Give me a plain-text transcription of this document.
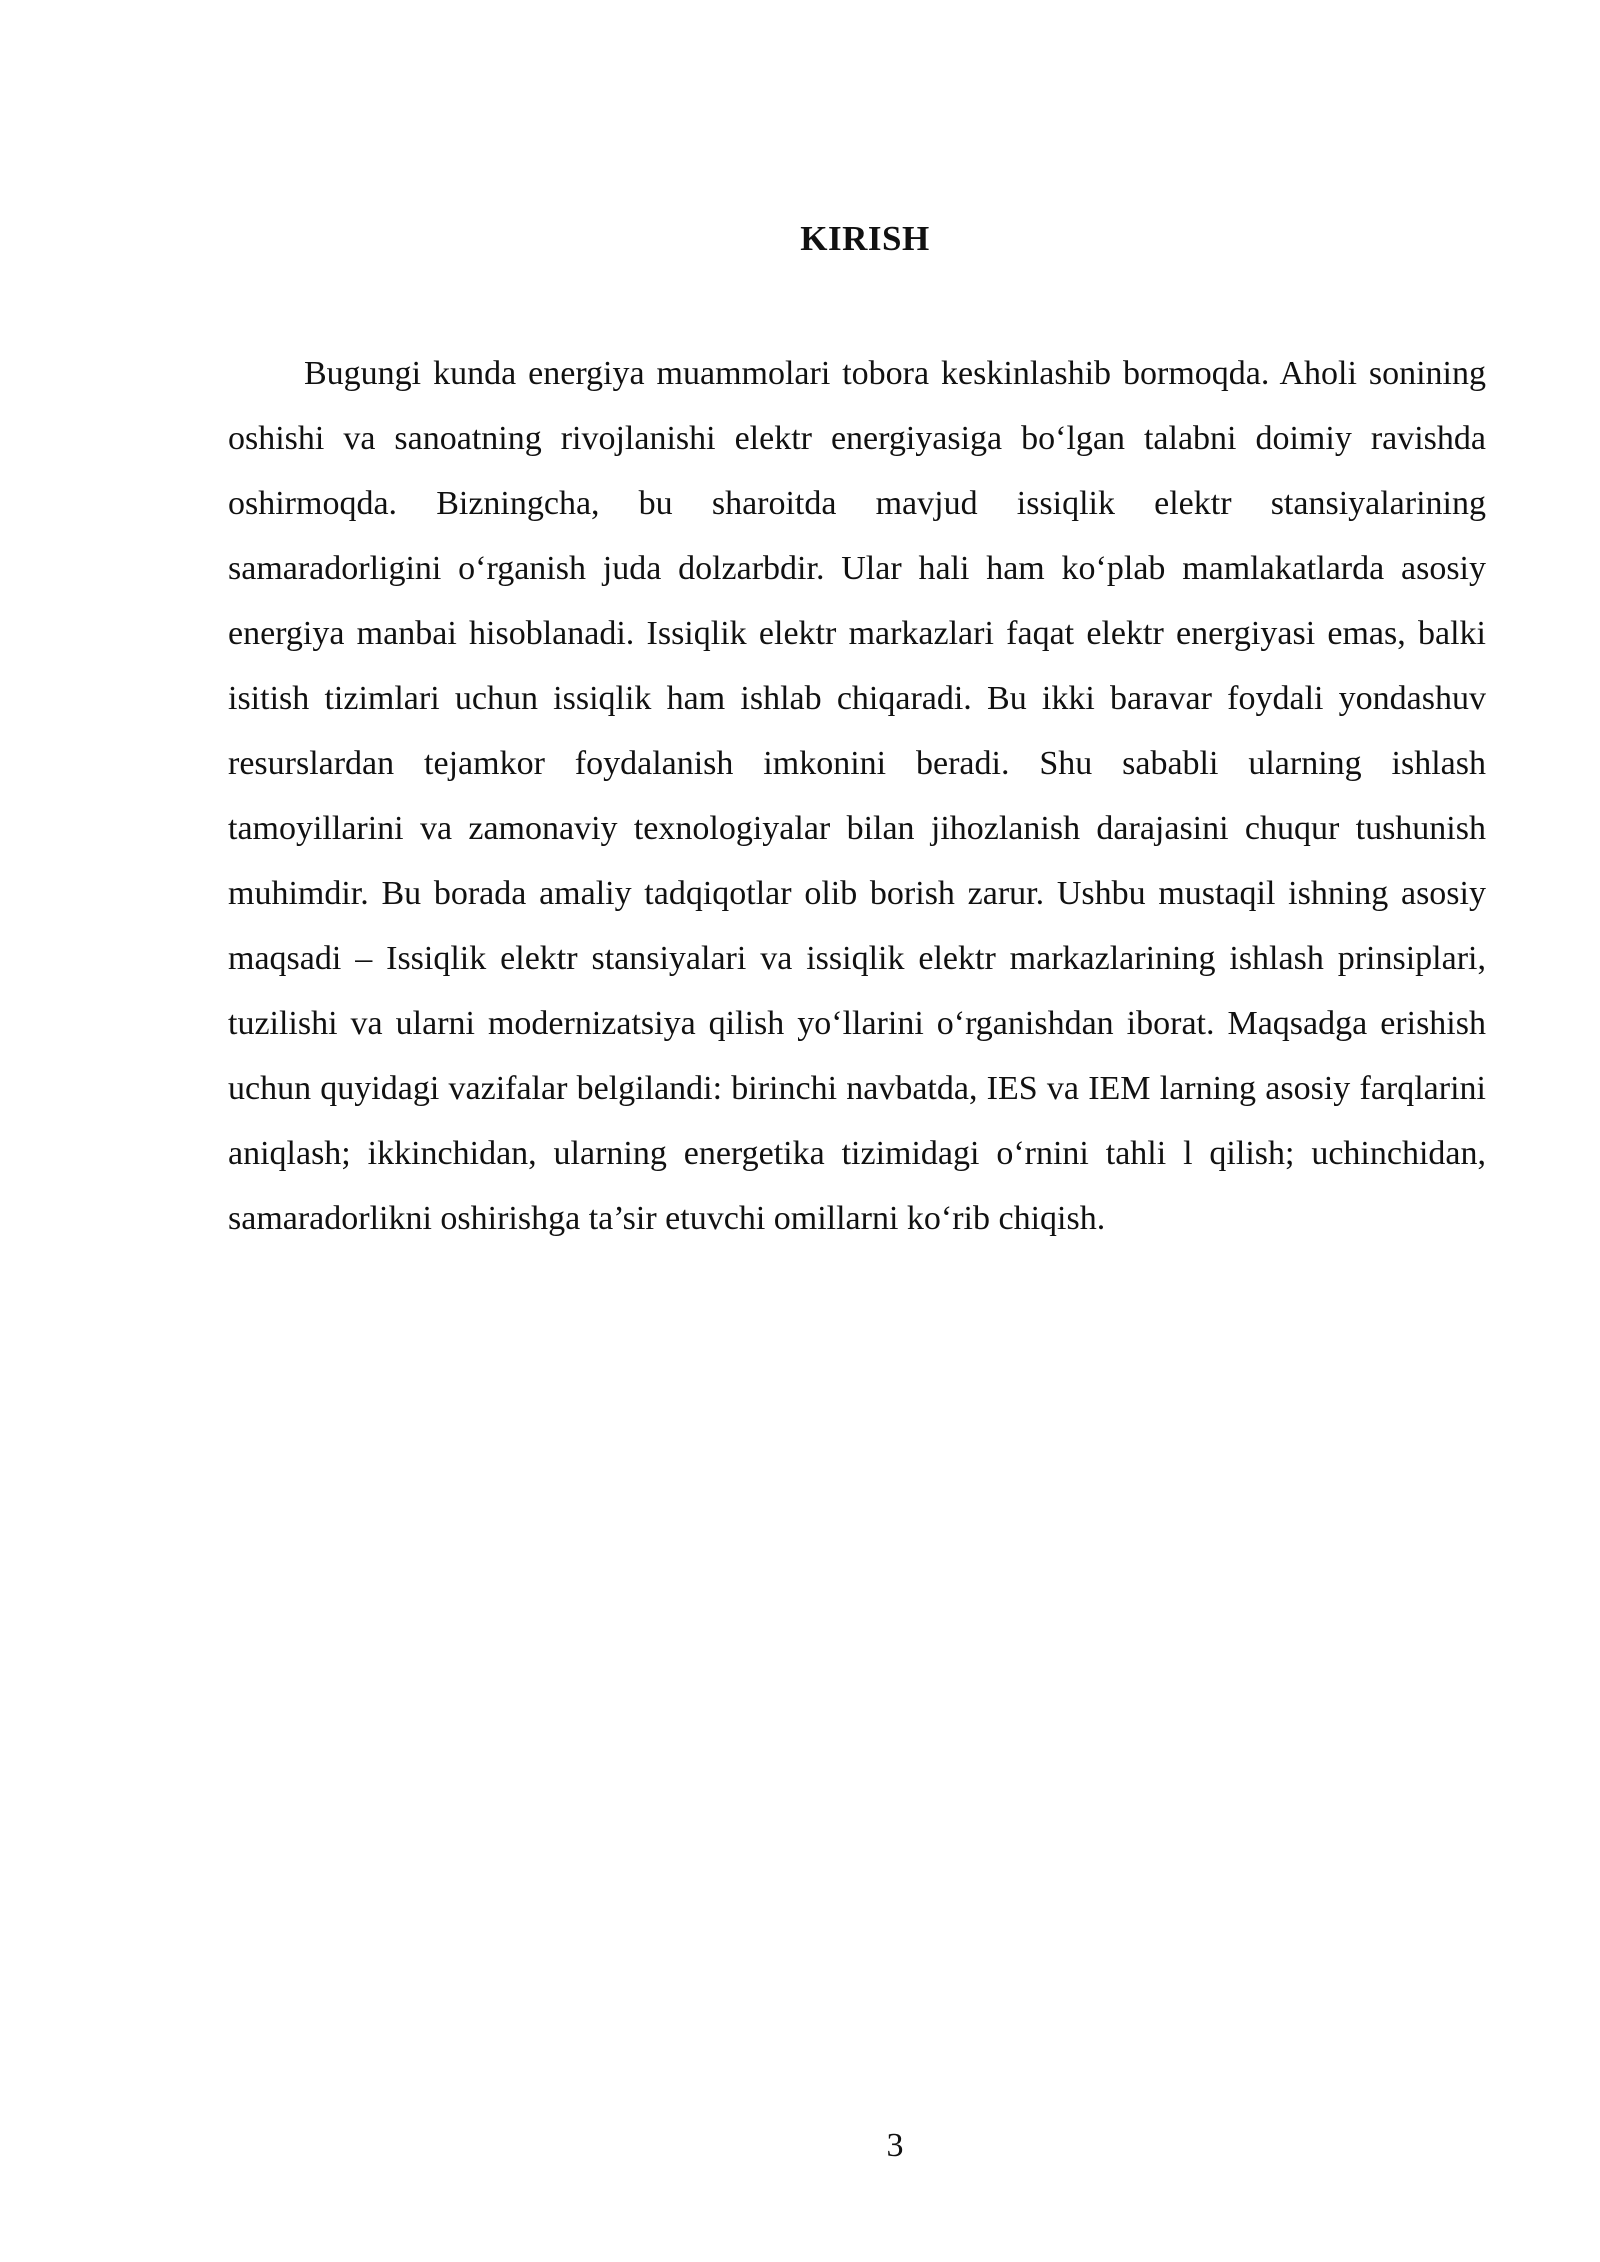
KIRISH

Bugungi kunda energiya muammolari tobora keskinlashib bormoqda. Aholi sonining oshishi va sanoatning rivojlanishi elektr energiyasiga bo‘lgan talabni doimiy ravishda oshirmoqda. Bizningcha, bu sharoitda mavjud issiqlik elektr stansiyalarining samaradorligini o‘rganish juda dolzarbdir. Ular hali ham ko‘plab mamlakatlarda asosiy energiya manbai hisoblanadi. Issiqlik elektr markazlari faqat elektr energiyasi emas, balki isitish tizimlari uchun issiqlik ham ishlab chiqaradi. Bu ikki baravar foydali yondashuv resurslardan tejamkor foydalanish imkonini beradi. Shu sababli ularning ishlash tamoyillarini va zamonaviy texnologiyalar bilan jihozlanish darajasini chuqur tushunish muhimdir. Bu borada amaliy tadqiqotlar olib borish zarur. Ushbu mustaqil ishning asosiy maqsadi – Issiqlik elektr stansiyalari va issiqlik elektr markazlarining ishlash prinsiplari, tuzilishi va ularni modernizatsiya qilish yo‘llarini o‘rganishdan iborat. Maqsadga erishish uchun quyidagi vazifalar belgilandi: birinchi navbatda, IES va IEM larning asosiy farqlarini aniqlash; ikkinchidan, ularning energetika tizimidagi o‘rnini tahli l qilish; uchinchidan, samaradorlikni oshirishga ta’sir etuvchi omillarni ko‘rib chiqish.

3
